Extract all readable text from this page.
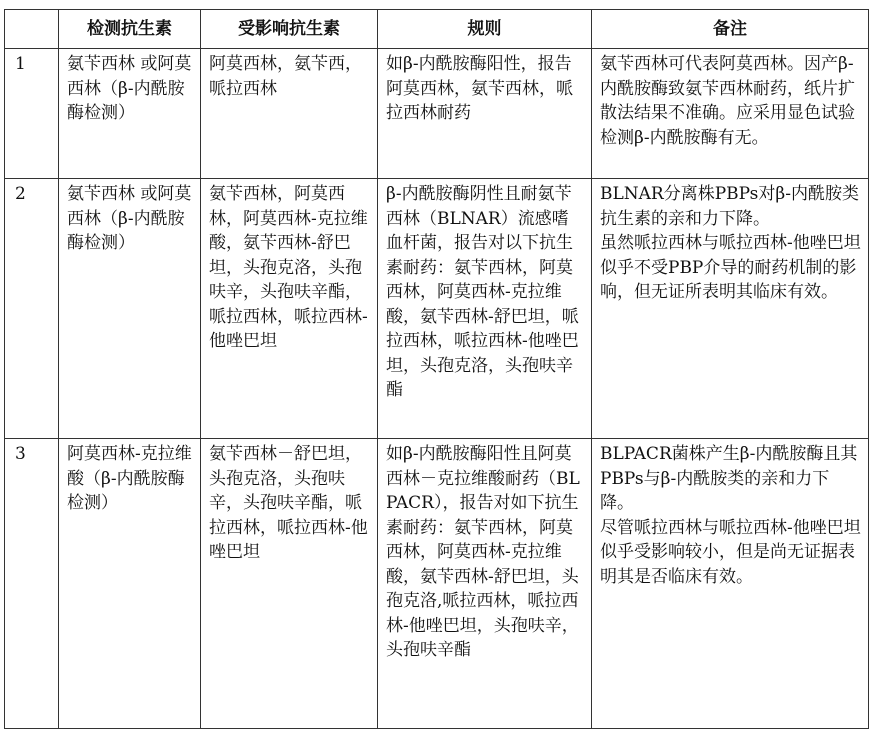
	检测抗生素	受影响抗生素	规则	备注
1	氨苄西林 或阿莫西林（β-内酰胺酶检测）	阿莫西林，氨苄西，哌拉西林	如β-内酰胺酶阳性，报告阿莫西林，氨苄西林，哌拉西林耐药	氨苄西林可代表阿莫西林。因产β-内酰胺酶致氨苄西林耐药，纸片扩散法结果不准确。应采用显色试验检测β-内酰胺酶有无。

2	氨苄西林 或阿莫西林（β-内酰胺酶检测）	氨苄西林，阿莫西林，阿莫西林-克拉维酸，氨苄西林-舒巴坦，头孢克洛，头孢呋辛，头孢呋辛酯，哌拉西林，哌拉西林-他唑巴坦	β-内酰胺酶阴性且耐氨苄西林（BLNAR）流感嗜血杆菌，报告对以下抗生素耐药：氨苄西林，阿莫西林，阿莫西林-克拉维酸，氨苄西林-舒巴坦，哌拉西林，哌拉西林-他唑巴坦，头孢克洛，头孢呋辛酯	BLNAR分离株PBPs对β-内酰胺类抗生素的亲和力下降。
虽然哌拉西林与哌拉西林-他唑巴坦似乎不受PBP介导的耐药机制的影响，但无证所表明其临床有效。

3	阿莫西林-克拉维酸（β-内酰胺酶检测）	氨苄西林－舒巴坦，头孢克洛，头孢呋辛，头孢呋辛酯，哌拉西林，哌拉西林-他唑巴坦	如β-内酰胺酶阳性且阿莫西林－克拉维酸耐药（BLPACR），报告对如下抗生素耐药：氨苄西林，阿莫西林，阿莫西林-克拉维酸，氨苄西林-舒巴坦，头孢克洛,哌拉西林，哌拉西林-他唑巴坦，头孢呋辛，头孢呋辛酯	BLPACR菌株产生β-内酰胺酶且其PBPs与β-内酰胺类的亲和力下降。
尽管哌拉西林与哌拉西林-他唑巴坦似乎受影响较小，但是尚无证据表明其是否临床有效。
